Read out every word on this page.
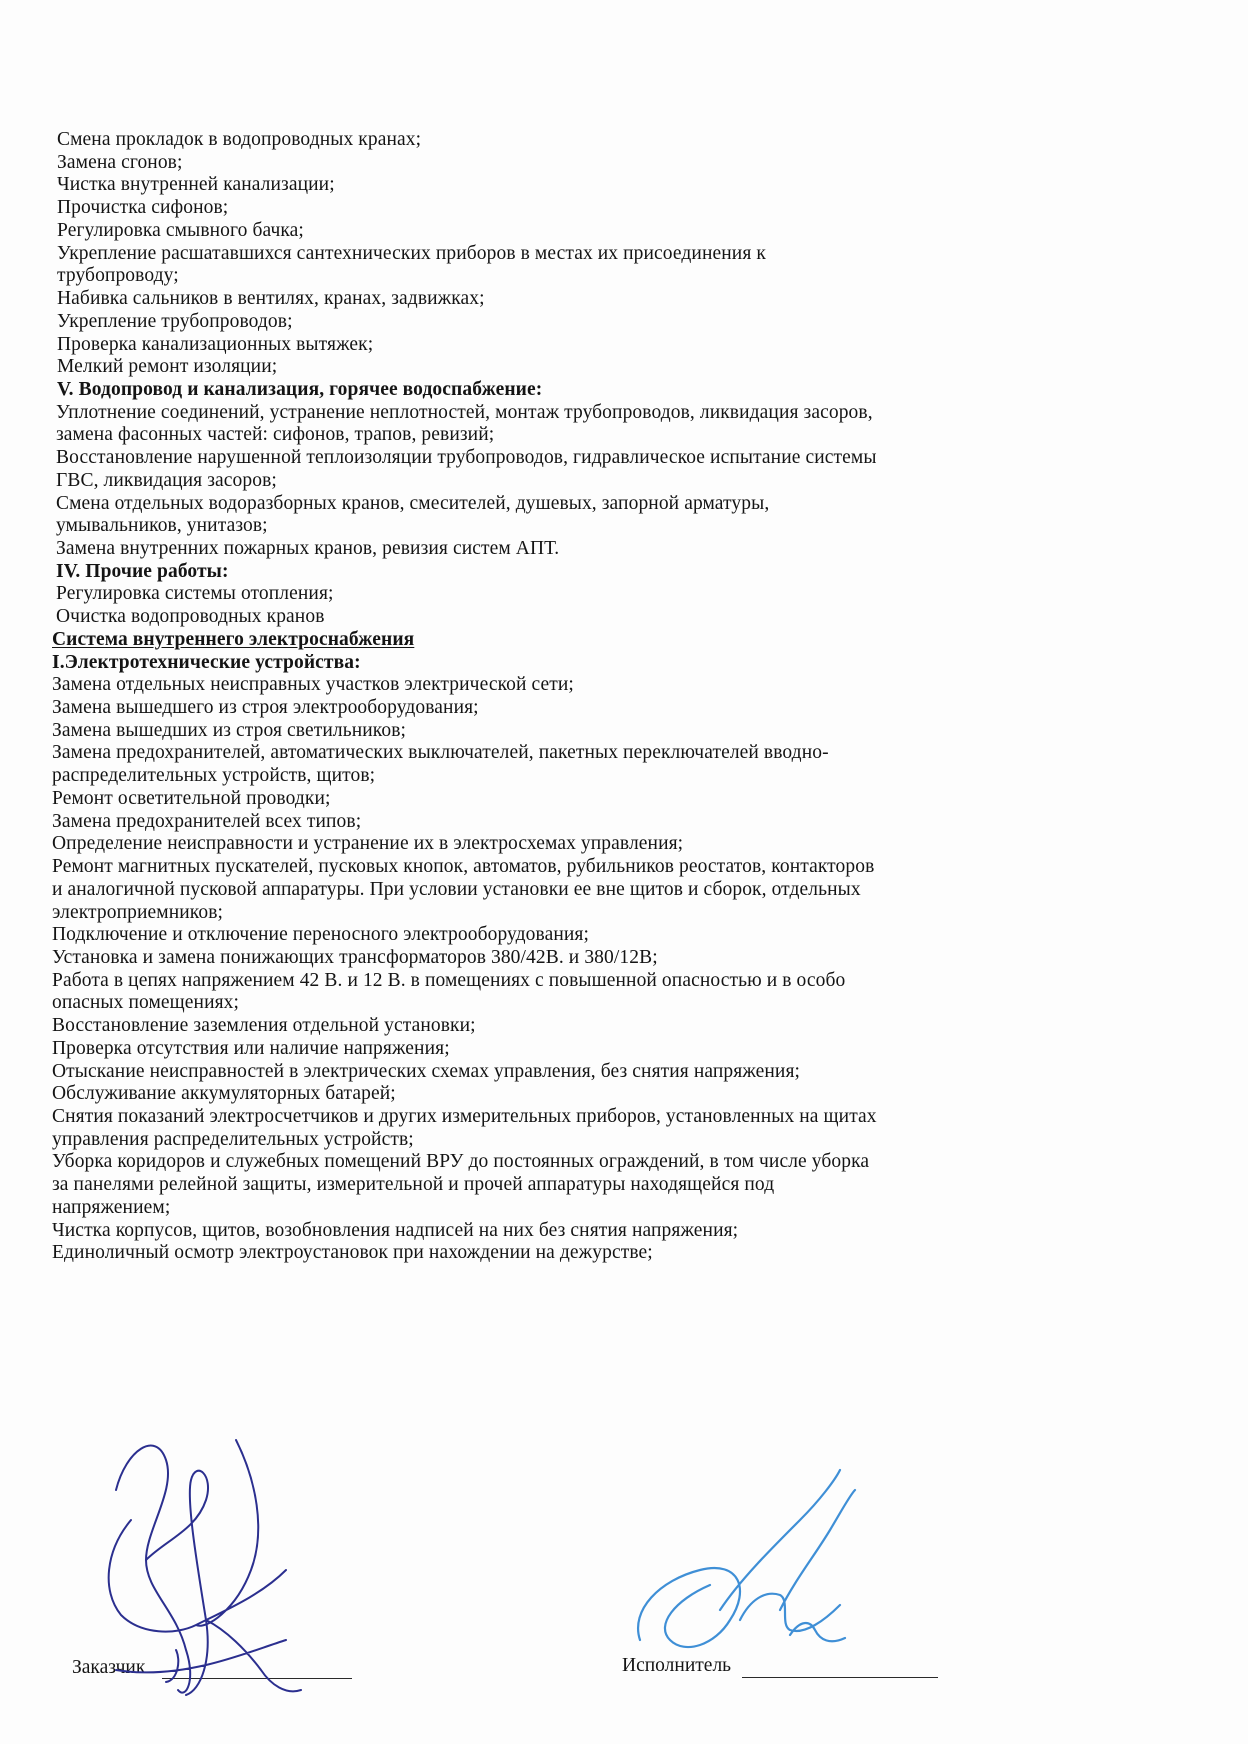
Смена прокладок в водопроводных кранах;
Замена сгонов;
Чистка внутренней канализации;
Прочистка сифонов;
Регулировка смывного бачка;
Укрепление расшатавшихся сантехнических приборов в местах их присоединения к
трубопроводу;
Набивка сальников в вентилях, кранах, задвижках;
Укрепление трубопроводов;
Проверка канализационных вытяжек;
Мелкий ремонт изоляции;
V. Водопровод и канализация, горячее водоспабжение:
Уплотнение соединений, устранение неплотностей, монтаж трубопроводов, ликвидация засоров,
замена фасонных частей: сифонов, трапов, ревизий;
Восстановление нарушенной теплоизоляции трубопроводов, гидравлическое испытание системы
ГВС, ликвидация засоров;
Смена отдельных водоразборных кранов, смесителей, душевых, запорной арматуры,
умывальников, унитазов;
Замена внутренних пожарных кранов, ревизия систем АПТ.
IV. Прочие работы:
Регулировка системы отопления;
Очистка водопроводных кранов
Система внутреннего электроснабжения
I.Электротехнические устройства:
Замена отдельных неисправных участков электрической сети;
Замена вышедшего из строя электрооборудования;
Замена вышедших из строя светильников;
Замена предохранителей, автоматических выключателей, пакетных переключателей вводно-
распределительных устройств, щитов;
Ремонт осветительной проводки;
Замена предохранителей всех типов;
Определение неисправности и устранение их в электросхемах управления;
Ремонт магнитных пускателей, пусковых кнопок, автоматов, рубильников реостатов, контакторов
и аналогичной пусковой аппаратуры. При условии установки ее вне щитов и сборок, отдельных
электроприемников;
Подключение и отключение переносного электрооборудования;
Установка и замена понижающих трансформаторов 380/42В. и 380/12В;
Работа в цепях напряжением 42 В. и 12 В. в помещениях с повышенной опасностью и в особо
опасных помещениях;
Восстановление заземления отдельной установки;
Проверка отсутствия или наличие напряжения;
Отыскание неисправностей в электрических схемах управления, без снятия напряжения;
Обслуживание аккумуляторных батарей;
Снятия показаний электросчетчиков и других измерительных приборов, установленных на щитах
управления распределительных устройств;
Уборка коридоров и служебных помещений ВРУ до постоянных ограждений, в том числе уборка
за панелями релейной защиты, измерительной и прочей аппаратуры находящейся под
напряжением;
Чистка корпусов, щитов, возобновления надписей на них без снятия напряжения;
Единоличный осмотр электроустановок при нахождении на дежурстве;
Заказчик	Исполнитель
